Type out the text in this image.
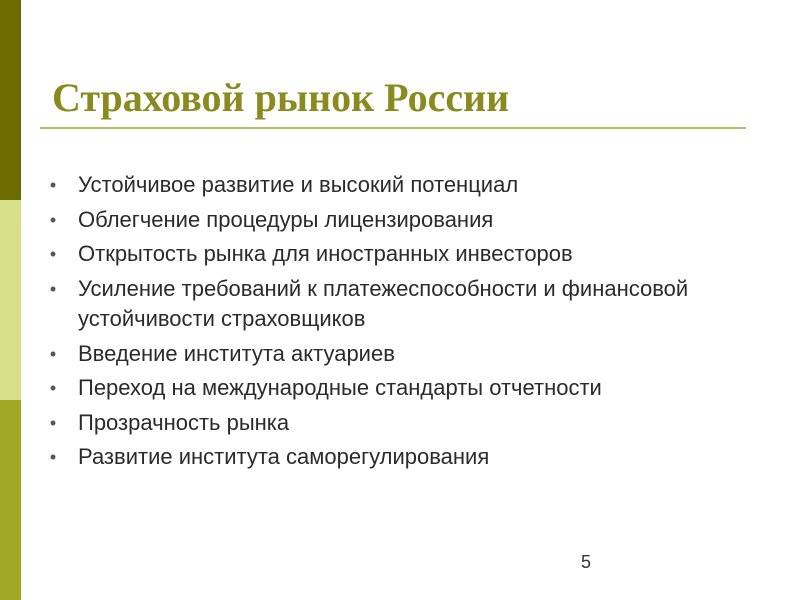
Страховой рынок России
• Устойчивое развитие и высокий потенциал
• Облегчение процедуры лицензирования
• Открытость рынка для иностранных инвесторов
• Усиление требований к платежеспособности и финансовой устойчивости страховщиков
• Введение института актуариев
• Переход на международные стандарты отчетности
• Прозрачность рынка
• Развитие института саморегулирования
5
